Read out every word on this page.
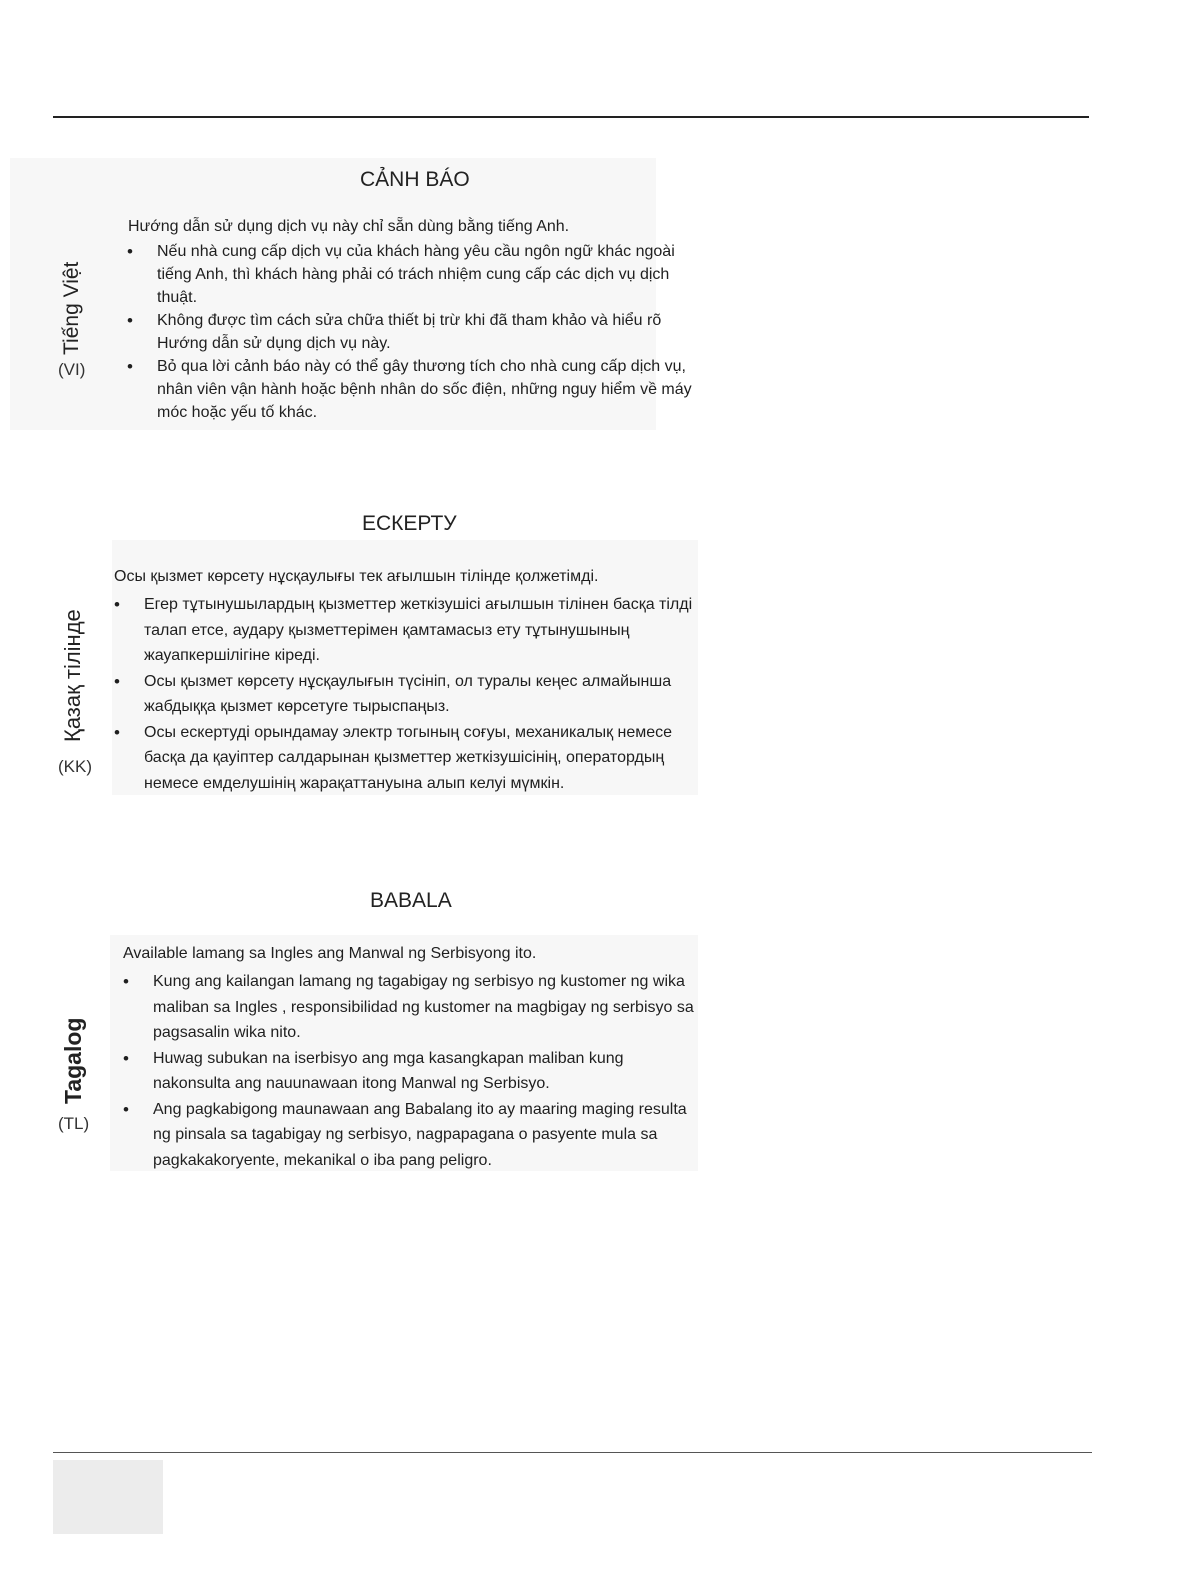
Tiếng Việt
(VI)
CẢNH BÁO
Hướng dẫn sử dụng dịch vụ này chỉ sẵn dùng bằng tiếng Anh.
• Nếu nhà cung cấp dịch vụ của khách hàng yêu cầu ngôn ngữ khác ngoài tiếng Anh, thì khách hàng phải có trách nhiệm cung cấp các dịch vụ dịch thuật.
• Không được tìm cách sửa chữa thiết bị trừ khi đã tham khảo và hiểu rõ Hướng dẫn sử dụng dịch vụ này.
• Bỏ qua lời cảnh báo này có thể gây thương tích cho nhà cung cấp dịch vụ, nhân viên vận hành hoặc bệnh nhân do sốc điện, những nguy hiểm về máy móc hoặc yếu tố khác.
Қазақ тілінде
(KK)
ЕСКЕРТУ
Осы қызмет көрсету нұсқаулығы тек ағылшын тілінде қолжетімді.
• Егер тұтынушылардың қызметтер жеткізушісі ағылшын тілінен басқа тілді талап етсе, аудару қызметтерімен қамтамасыз ету тұтынушының жауапкершілігіне кіреді.
• Осы қызмет көрсету нұсқаулығын түсініп, ол туралы кеңес алмайынша жабдыққа қызмет көрсетуге тырыспаңыз.
• Осы ескертуді орындамау электр тогының соғуы, механикалық немесе басқа да қауіптер салдарынан қызметтер жеткізушісінің, оператордың немесе емделушінің жарақаттануына алып келуі мүмкін.
Tagalog
(TL)
BABALA
Available lamang sa Ingles ang Manwal ng Serbisyong ito.
• Kung ang kailangan lamang ng tagabigay ng serbisyo ng kustomer ng wika maliban sa Ingles , responsibilidad ng kustomer na magbigay ng serbisyo sa pagsasalin wika nito.
• Huwag subukan na iserbisyo ang mga kasangkapan maliban kung nakonsulta ang nauunawaan itong Manwal ng Serbisyo.
• Ang pagkabigong maunawaan ang Babalang ito ay maaring maging resulta ng pinsala sa tagabigay ng serbisyo, nagpapagana o pasyente mula sa pagkakakoryente, mekanikal o iba pang peligro.
